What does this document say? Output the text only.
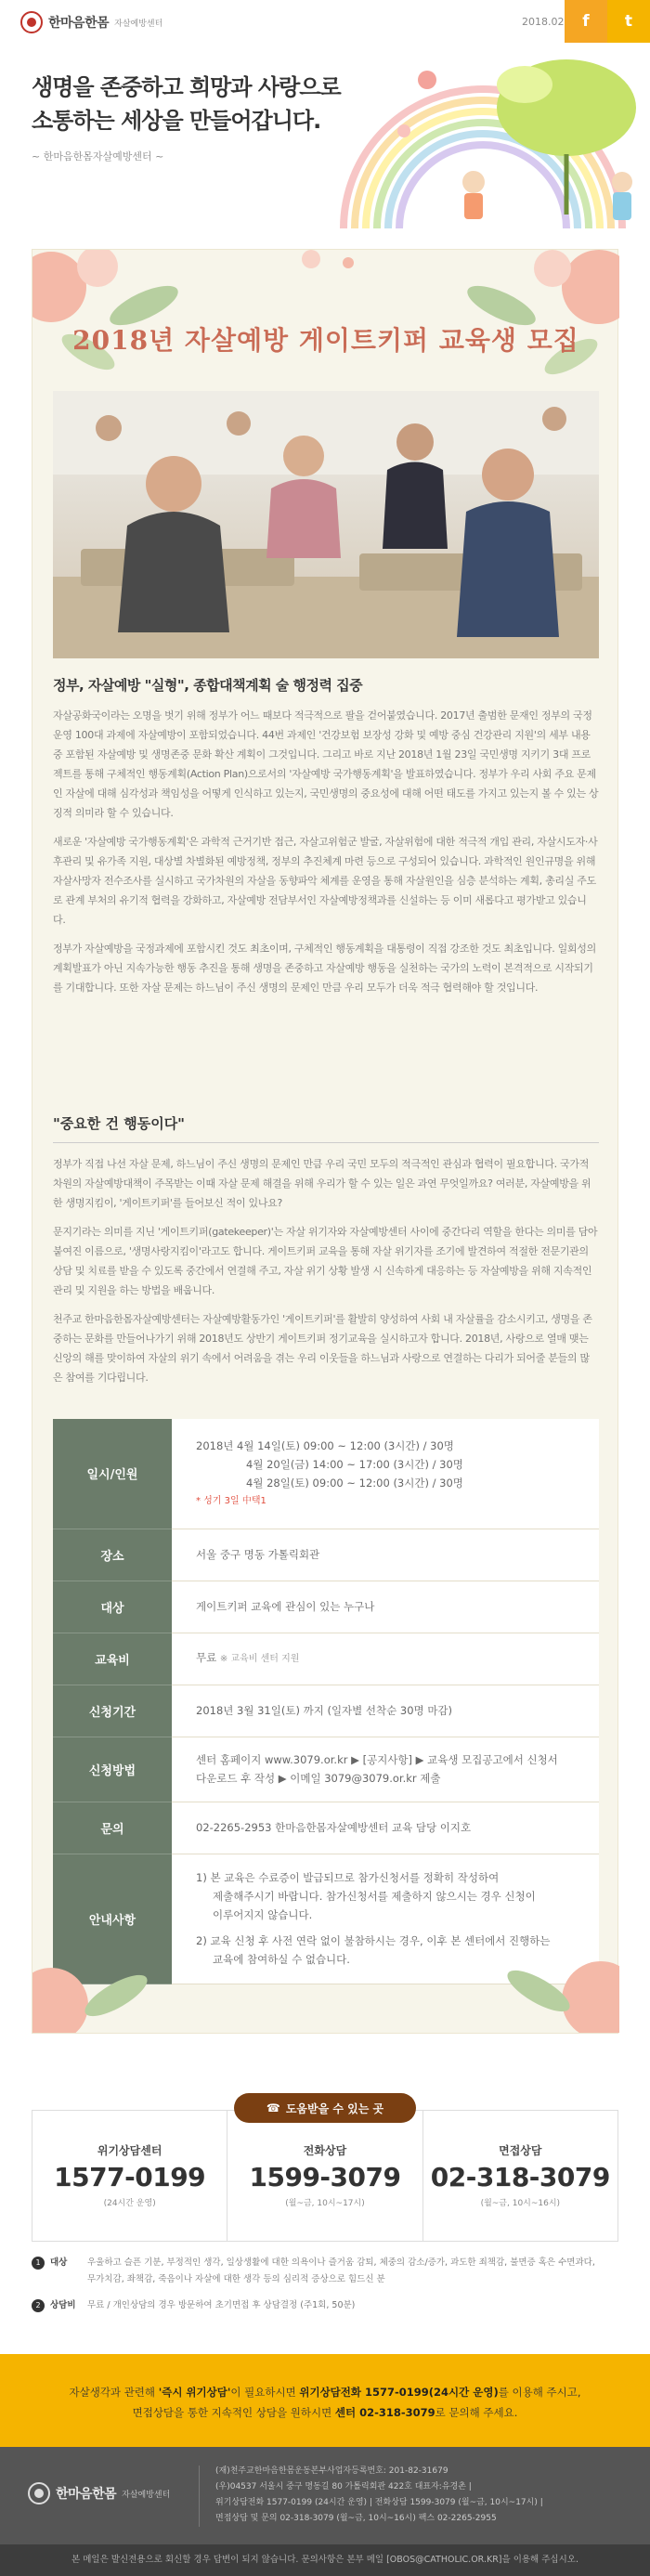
한마음한몸 자살예방센터	2018.02	f	t
생명을 존중하고 희망과 사랑으로
소통하는 세상을 만들어갑니다.
~ 한마음한몸자살예방센터 ~
2018년 자살예방 게이트키퍼 교육생 모집
정부, 자살예방 "실형", 종합대책계획 술 행정력 집중

자살공화국이라는 오명을 벗기 위해 정부가 어느 때보다 적극적으로 팔을 걷어붙였습니다. 2017년 출범한 문재인 정부의 국정운영 100대 과제에 자살예방이 포함되었습니다. 44번 과제인 '건강보험 보장성 강화 및 예방 중심 건강관리 지원'의 세부 내용 중 포함된 자살예방 및 생명존중 문화 확산 계획이 그것입니다. 그리고 바로 지난 2018년 1월 23일 국민생명 지키기 3대 프로젝트를 통해 구체적인 행동계획(Action Plan)으로서의 '자살예방 국가행동계획'을 발표하였습니다. 정부가 우리 사회 주요 문제인 자살에 대해 심각성과 책임성을 어떻게 인식하고 있는지, 국민생명의 중요성에 대해 어떤 태도를 가지고 있는지 볼 수 있는 상징적 의미라 할 수 있습니다.

새로운 '자살예방 국가행동계획'은 과학적 근거기반 접근, 자살고위험군 발굴, 자살위험에 대한 적극적 개입 관리, 자살시도자·사후관리 및 유가족 지원, 대상별 차별화된 예방정책, 정부의 추진체계 마련 등으로 구성되어 있습니다. 과학적인 원인규명을 위해 자살사망자 전수조사를 실시하고 국가차원의 자살을 동향파악 체계를 운영을 통해 자살원인을 심층 분석하는 계획, 총리실 주도로 관계 부처의 유기적 협력을 강화하고, 자살예방 전담부서인 자살예방정책과를 신설하는 등 이미 새롭다고 평가받고 있습니다.

정부가 자살예방을 국정과제에 포함시킨 것도 최초이며, 구체적인 행동계획을 대통령이 직접 강조한 것도 최초입니다. 일회성의 계획발표가 아닌 지속가능한 행동 추진을 통해 생명을 존중하고 자살예방 행동을 실천하는 국가의 노력이 본격적으로 시작되기를 기대합니다. 또한 자살 문제는 하느님이 주신 생명의 문제인 만큼 우리 모두가 더욱 적극 협력해야 할 것입니다.

"중요한 건 행동이다"

정부가 직접 나선 자살 문제, 하느님이 주신 생명의 문제인 만큼 우리 국민 모두의 적극적인 관심과 협력이 필요합니다. 국가적 차원의 자살예방대책이 주목받는 이때 자살 문제 해결을 위해 우리가 할 수 있는 일은 과연 무엇일까요? 여러분, 자살예방을 위한 생명지킴이, '게이트키퍼'를 들어보신 적이 있나요?

문지기라는 의미를 지닌 '게이트키퍼(gatekeeper)'는 자살 위기자와 자살예방센터 사이에 중간다리 역할을 한다는 의미를 담아 붙여진 이름으로, '생명사랑지킴이'라고도 합니다. 게이트키퍼 교육을 통해 자살 위기자를 조기에 발견하여 적절한 전문기관의 상담 및 치료를 받을 수 있도록 중간에서 연결해 주고, 자살 위기 상황 발생 시 신속하게 대응하는 등 자살예방을 위해 지속적인 관리 및 지원을 하는 방법을 배웁니다.

천주교 한마음한몸자살예방센터는 자살예방활동가인 '게이트키퍼'를 활발히 양성하여 사회 내 자살률을 감소시키고, 생명을 존중하는 문화를 만들어나가기 위해 2018년도 상반기 게이트키퍼 정기교육을 실시하고자 합니다. 2018년, 사랑으로 열매 맺는 신앙의 해를 맞이하여 자살의 위기 속에서 어려움을 겪는 우리 이웃들을 하느님과 사랑으로 연결하는 다리가 되어줄 분들의 많은 참여를 기다립니다.

일시/인원	2018년 4월 14일(토) 09:00 ~ 12:00 (3시간) / 30명
4월 20일(금) 14:00 ~ 17:00 (3시간) / 30명
4월 28일(토) 09:00 ~ 12:00 (3시간) / 30명
* 성기 3일 中택1

장소	서울 중구 명동 가톨릭회관
대상	게이트키퍼 교육에 관심이 있는 누구나
교육비	무료 ※ 교육비 센터 지원
신청기간	2018년 3월 31일(토) 까지 (일자별 선착순 30명 마감)
신청방법	센터 홈페이지 www.3079.or.kr ▶ [공지사항] ▶ 교육생 모집공고에서 신청서
다운로드 후 작성 ▶ 이메일 3079@3079.or.kr 제출

문의	02-2265-2953 한마음한몸자살예방센터 교육 담당 이지호
안내사항	1) 본 교육은 수료증이 발급되므로 참가신청서를 정확히 작성하여
제출해주시기 바랍니다. 참가신청서를 제출하지 않으시는 경우 신청이
이루어지지 않습니다.
2) 교육 신청 후 사전 연락 없이 불참하시는 경우, 이후 본 센터에서 진행하는
교육에 참여하실 수 없습니다.
위기상담센터
1577-0199
(24시간 운영)
전화상담
1599-3079
(월~금, 10시~17시)
면접상담
02-318-3079
(월~금, 10시~16시)
☎ 도움받을 수 있는 곳
1	대상	우울하고 슬픈 기분, 부정적인 생각, 일상생활에 대한 의욕이나 즐거움 감퇴, 체중의 감소/증가, 과도한 죄책감, 불면증 혹은 수면과다,
무가치감, 좌책감, 죽음이나 자살에 대한 생각 등의 심리적 증상으로 힘드신 분
2	상담비	무료 / 개인상담의 경우 방문하여 초기면접 후 상담결정 (주1회, 50분)
자살생각과 관련해 '즉시 위기상담'이 필요하시면 위기상담전화 1577-0199(24시간 운영)를 이용해 주시고,
면접상담을 통한 지속적인 상담을 원하시면 센터 02-318-3079로 문의해 주세요.
한마음한몸 자살예방센터
(재)천주교한마음한몸운동본부사업자등록번호: 201-82-31679
(우)04537 서울시 중구 명동길 80 가톨릭회관 422호 대표자:유경촌 |
위기상담전화 1577-0199 (24시간 운영) | 전화상담 1599-3079 (월~금, 10시~17시) |
면접상담 및 문의 02-318-3079 (월~금, 10시~16시) 팩스 02-2265-2955
본 메일은 발신전용으로 회신할 경우 답변이 되지 않습니다. 문의사항은 본부 메일 [OBOS@CATHOLIC.OR.KR]을 이용해 주십시오.
